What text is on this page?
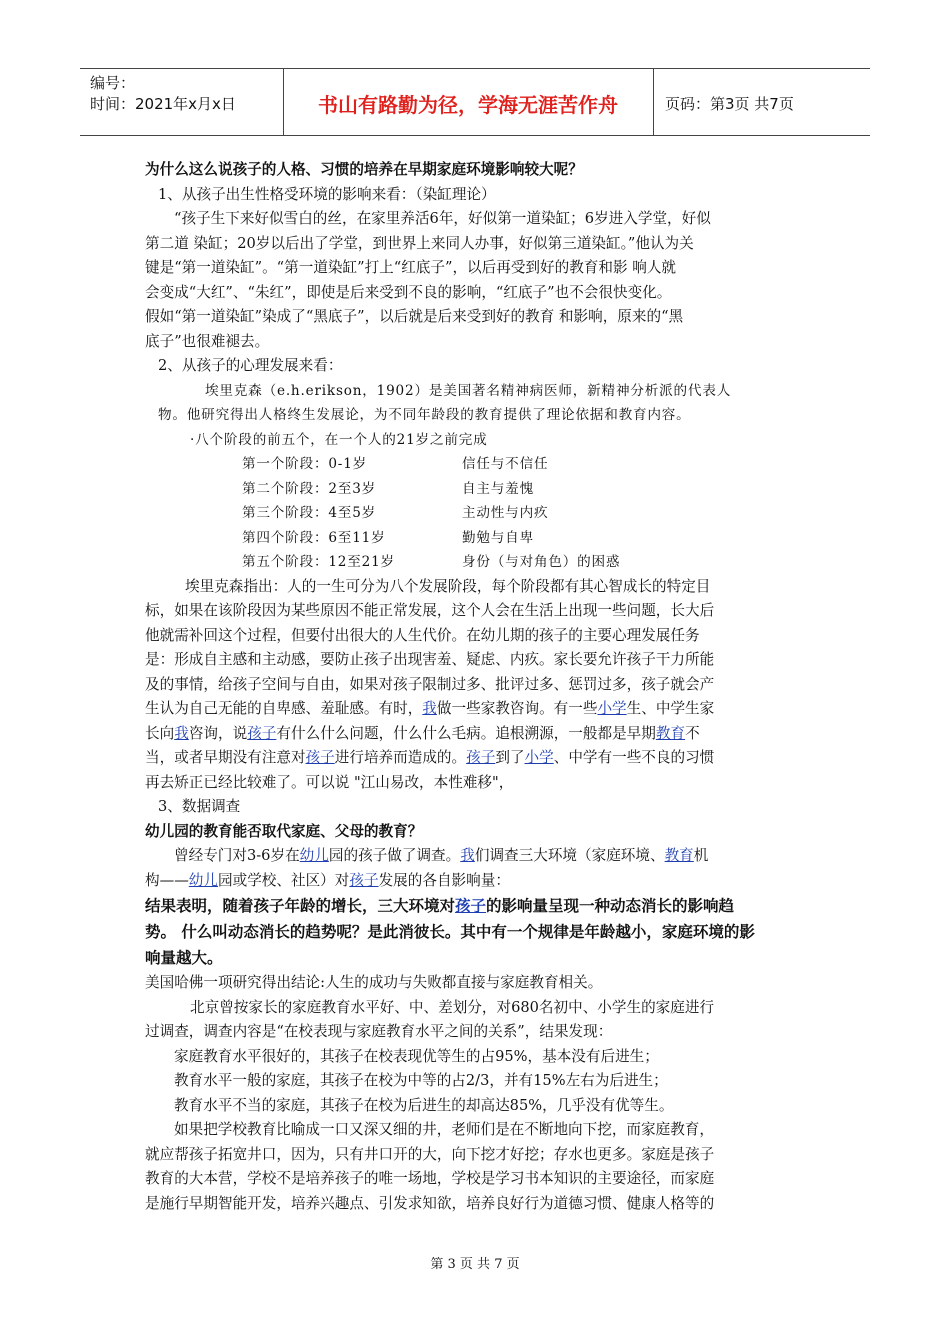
编号：
时间：2021年x月x日	书山有路勤为径，学海无涯苦作舟	页码：第3页 共7页
为什么这么说孩子的人格、习惯的培养在早期家庭环境影响较大呢？
1、从孩子出生性格受环境的影响来看：（染缸理论）
“孩子生下来好似雪白的丝，在家里养活6年，好似第一道染缸；6岁进入学堂，好似
第二道 染缸；20岁以后出了学堂，到世界上来同人办事，好似第三道染缸。”他认为关
键是“第一道染缸”。“第一道染缸”打上“红底子”，以后再受到好的教育和影 响人就
会变成“大红”、“朱红”，即使是后来受到不良的影响，“红底子”也不会很快变化。
假如“第一道染缸”染成了“黑底子”，以后就是后来受到好的教育 和影响，原来的“黑
底子”也很难褪去。
2、从孩子的心理发展来看：
埃里克森（e.h.erikson，1902）是美国著名精神病医师，新精神分析派的代表人
物。他研究得出人格终生发展论，为不同年龄段的教育提供了理论依据和教育内容。
·八个阶段的前五个，在一个人的21岁之前完成
第一个阶段：0-1岁	信任与不信任
第二个阶段：2至3岁	自主与羞愧
第三个阶段：4至5岁	主动性与内疚
第四个阶段：6至11岁	勤勉与自卑
第五个阶段：12至21岁	身份（与对角色）的困惑
埃里克森指出：人的一生可分为八个发展阶段，每个阶段都有其心智成长的特定目
标，如果在该阶段因为某些原因不能正常发展，这个人会在生活上出现一些问题，长大后
他就需补回这个过程，但要付出很大的人生代价。在幼儿期的孩子的主要心理发展任务
是：形成自主感和主动感，要防止孩子出现害羞、疑虑、内疚。家长要允许孩子干力所能
及的事情，给孩子空间与自由，如果对孩子限制过多、批评过多、惩罚过多，孩子就会产
生认为自己无能的自卑感、羞耻感。有时，我做一些家教咨询。有一些小学生、中学生家
长向我咨询，说孩子有什么什么问题，什么什么毛病。追根溯源，一般都是早期教育不
当，或者早期没有注意对孩子进行培养而造成的。孩子到了小学、中学有一些不良的习惯
再去矫正已经比较难了。可以说 "江山易改，本性难移"，
3、数据调查
幼儿园的教育能否取代家庭、父母的教育？
曾经专门对3-6岁在幼儿园的孩子做了调查。我们调查三大环境（家庭环境、教育机
构——幼儿园或学校、社区）对孩子发展的各自影响量：
结果表明，随着孩子年龄的增长，三大环境对孩子的影响量呈现一种动态消长的影响趋
势。 什么叫动态消长的趋势呢？是此消彼长。其中有一个规律是年龄越小，家庭环境的影
响量越大。
美国哈佛一项研究得出结论:人生的成功与失败都直接与家庭教育相关。
北京曾按家长的家庭教育水平好、中、差划分，对680名初中、小学生的家庭进行
过调查，调查内容是“在校表现与家庭教育水平之间的关系”，结果发现：
家庭教育水平很好的，其孩子在校表现优等生的占95%，基本没有后进生；
教育水平一般的家庭，其孩子在校为中等的占2/3，并有15%左右为后进生；
教育水平不当的家庭，其孩子在校为后进生的却高达85%，几乎没有优等生。
如果把学校教育比喻成一口又深又细的井，老师们是在不断地向下挖，而家庭教育，
就应帮孩子拓宽井口，因为，只有井口开的大，向下挖才好挖；存水也更多。家庭是孩子
教育的大本营，学校不是培养孩子的唯一场地，学校是学习书本知识的主要途径，而家庭
是施行早期智能开发，培养兴趣点、引发求知欲，培养良好行为道德习惯、健康人格等的
第 3 页 共 7 页
